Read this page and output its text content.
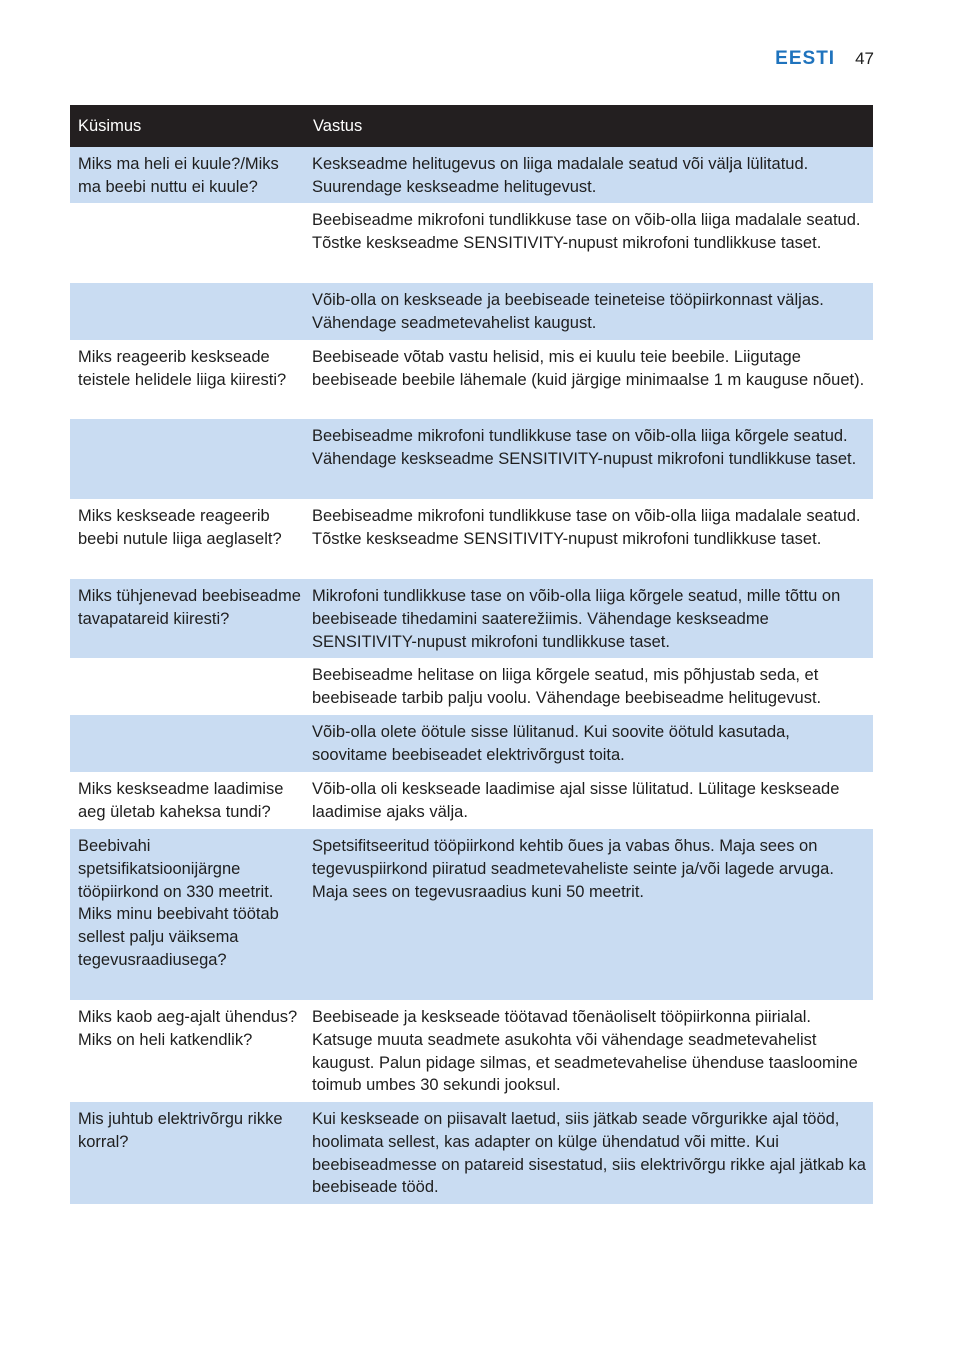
EESTI 47
Küsimus	Vastus
Miks ma heli ei kuule?/Miks ma beebi nuttu ei kuule?	Keskseadme helitugevus on liiga madalale seatud või välja lülitatud. Suurendage keskseadme helitugevust.
	Beebiseadme mikrofoni tundlikkuse tase on võib-olla liiga madalale seatud. Tõstke keskseadme SENSITIVITY-nupust mikrofoni tundlikkuse taset.
	Võib-olla on keskseade ja beebiseade teineteise tööpiirkonnast väljas. Vähendage seadmetevahelist kaugust.
Miks reageerib keskseade teistele helidele liiga kiiresti?	Beebiseade võtab vastu helisid, mis ei kuulu teie beebile. Liigutage beebiseade beebile lähemale (kuid järgige minimaalse 1 m kauguse nõuet).
	Beebiseadme mikrofoni tundlikkuse tase on võib-olla liiga kõrgele seatud. Vähendage keskseadme SENSITIVITY-nupust mikrofoni tundlikkuse taset.
Miks keskseade reageerib beebi nutule liiga aeglaselt?	Beebiseadme mikrofoni tundlikkuse tase on võib-olla liiga madalale seatud. Tõstke keskseadme SENSITIVITY-nupust mikrofoni tundlikkuse taset.
Miks tühjenevad beebiseadme tavapatareid kiiresti?	Mikrofoni tundlikkuse tase on võib-olla liiga kõrgele seatud, mille tõttu on beebiseade tihedamini saaterežiimis. Vähendage keskseadme SENSITIVITY-nupust mikrofoni tundlikkuse taset.
	Beebiseadme helitase on liiga kõrgele seatud, mis põhjustab seda, et beebiseade tarbib palju voolu. Vähendage beebiseadme helitugevust.
	Võib-olla olete öötule sisse lülitanud. Kui soovite öötuld kasutada, soovitame beebiseadet elektrivõrgust toita.
Miks keskseadme laadimise aeg ületab kaheksa tundi?	Võib-olla oli keskseade laadimise ajal sisse lülitatud. Lülitage keskseade laadimise ajaks välja.
Beebivahi spetsifikatsioonijärgne tööpiirkond on 330 meetrit. Miks minu beebivaht töötab sellest palju väiksema tegevusraadiusega?	Spetsifitseeritud tööpiirkond kehtib õues ja vabas õhus. Maja sees on tegevuspiirkond piiratud seadmetevaheliste seinte ja/või lagede arvuga. Maja sees on tegevusraadius kuni 50 meetrit.
Miks kaob aeg-ajalt ühendus? Miks on heli katkendlik?	Beebiseade ja keskseade töötavad tõenäoliselt tööpiirkonna piirialal. Katsuge muuta seadmete asukohta või vähendage seadmetevahelist kaugust. Palun pidage silmas, et seadmetevahelise ühenduse taasloomine toimub umbes 30 sekundi jooksul.
Mis juhtub elektrivõrgu rikke korral?	Kui keskseade on piisavalt laetud, siis jätkab seade võrgurikke ajal tööd, hoolimata sellest, kas adapter on külge ühendatud või mitte. Kui beebiseadmesse on patareid sisestatud, siis elektrivõrgu rikke ajal jätkab ka beebiseade tööd.
